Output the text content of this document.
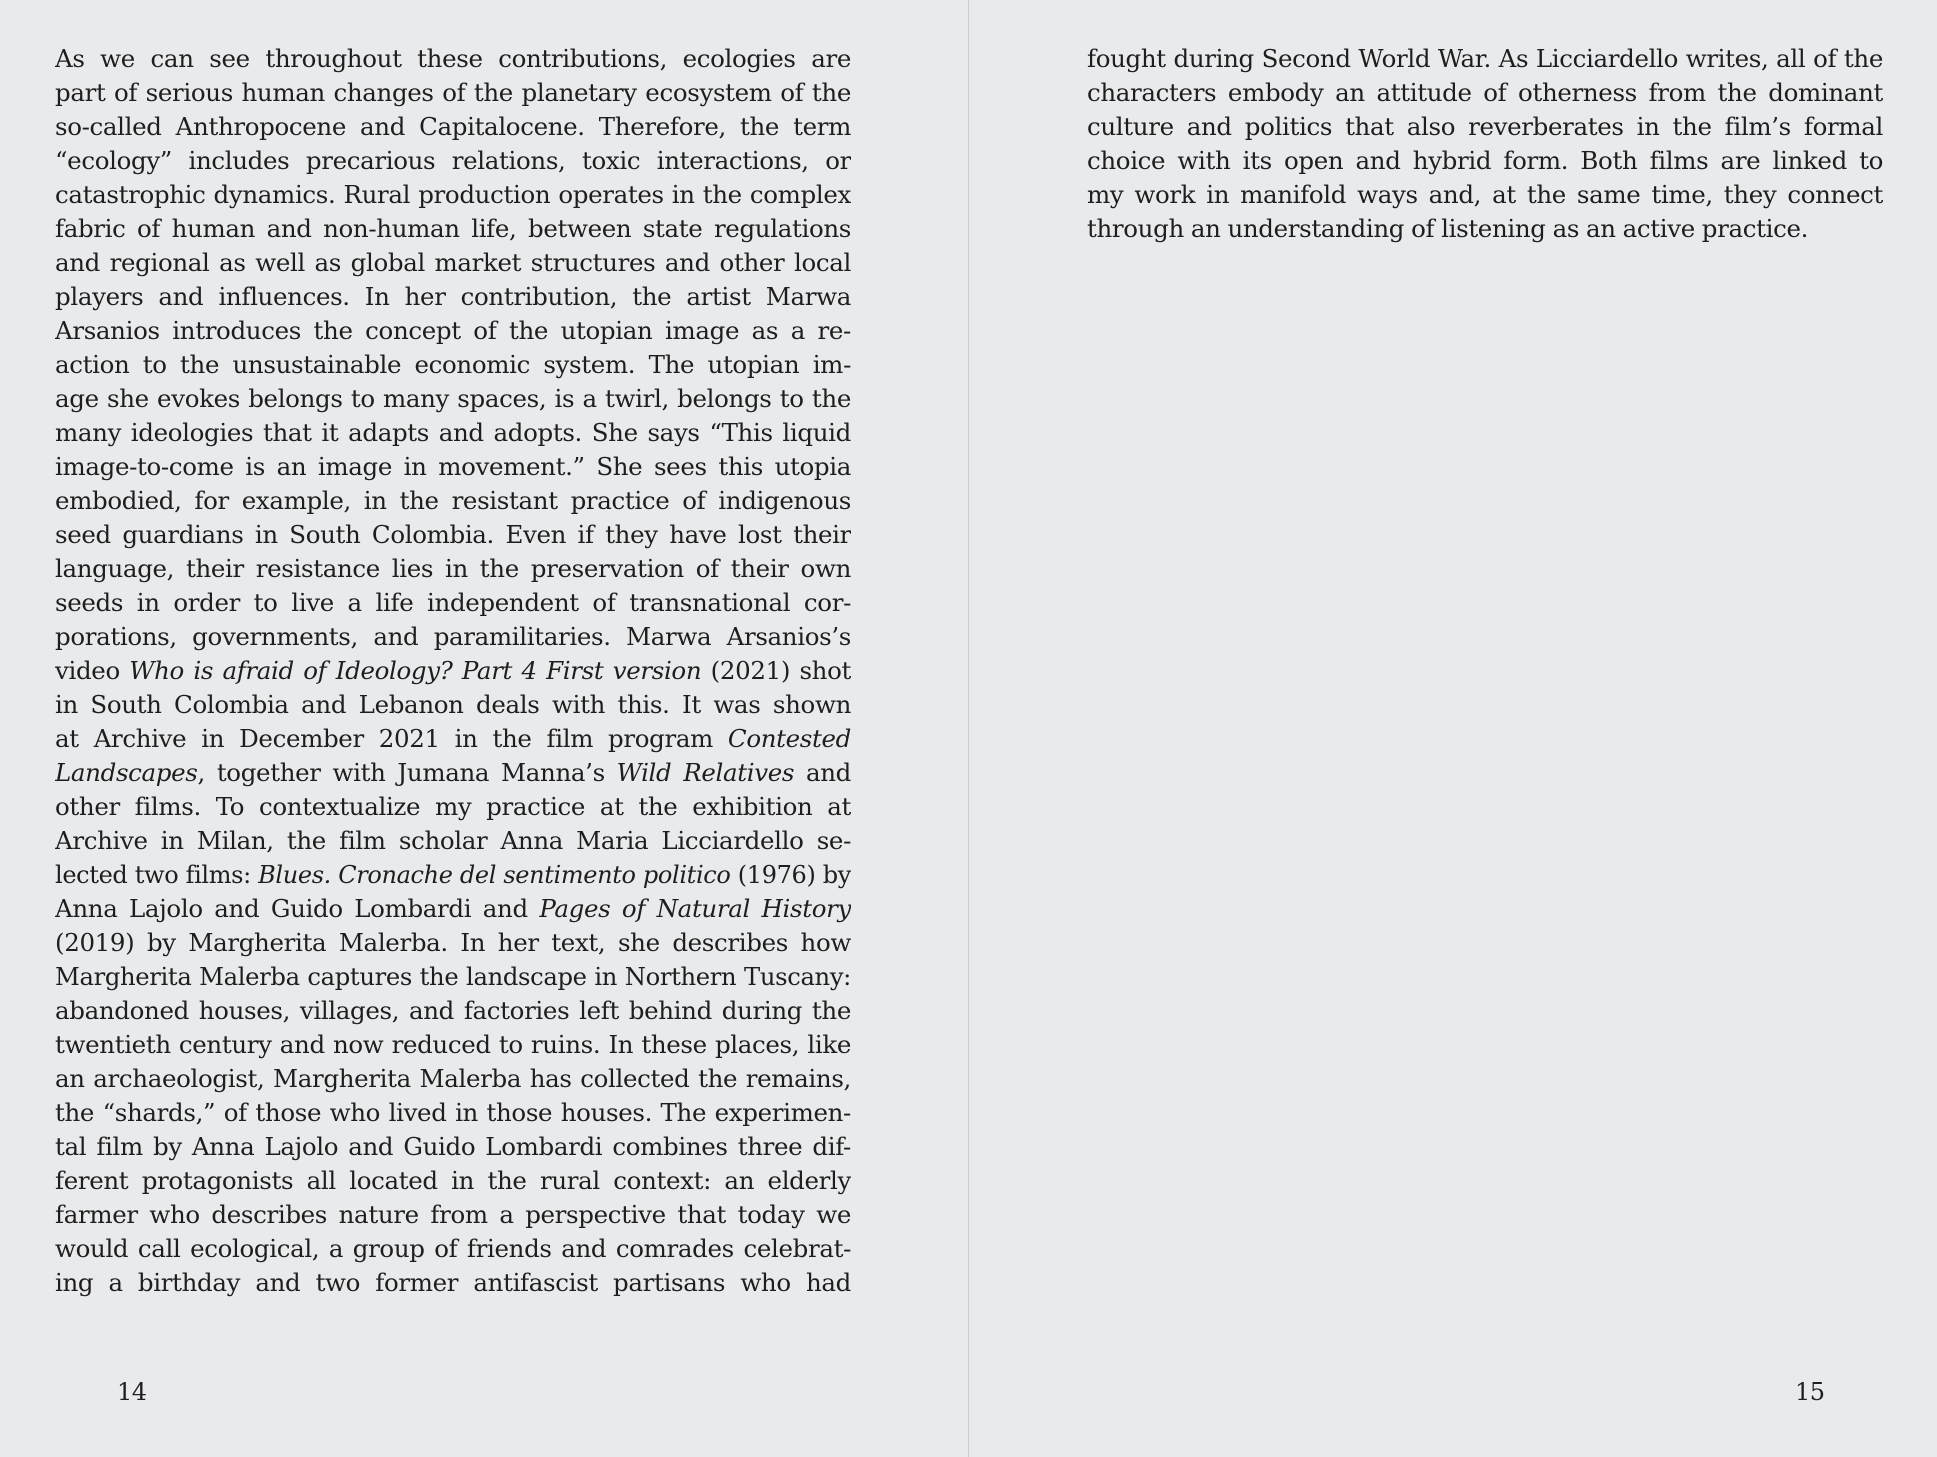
As we can see throughout these contributions, ecologies are
part of serious human changes of the planetary ecosystem of the
so-called Anthropocene and Capitalocene. Therefore, the term
“ecology” includes precarious relations, toxic interactions, or
catastrophic dynamics. Rural production operates in the complex
fabric of human and non-human life, between state regulations
and regional as well as global market structures and other local
players and influences. In her contribution, the artist Marwa
Arsanios introduces the concept of the utopian image as a re-
action to the unsustainable economic system. The utopian im-
age she evokes belongs to many spaces, is a twirl, belongs to the
many ideologies that it adapts and adopts. She says “This liquid
image-to-come is an image in movement.” She sees this utopia
embodied, for example, in the resistant practice of indigenous
seed guardians in South Colombia. Even if they have lost their
language, their resistance lies in the preservation of their own
seeds in order to live a life independent of transnational cor-
porations, governments, and paramilitaries. Marwa Arsanios’s
video Who is afraid of Ideology? Part 4 First version (2021) shot
in South Colombia and Lebanon deals with this. It was shown
at Archive in December 2021 in the film program Contested
Landscapes, together with Jumana Manna’s Wild Relatives and
other films. To contextualize my practice at the exhibition at
Archive in Milan, the film scholar Anna Maria Licciardello se-
lected two films: Blues. Cronache del sentimento politico (1976) by
Anna Lajolo and Guido Lombardi and Pages of Natural History
(2019) by Margherita Malerba. In her text, she describes how
Margherita Malerba captures the landscape in Northern Tuscany:
abandoned houses, villages, and factories left behind during the
twentieth century and now reduced to ruins. In these places, like
an archaeologist, Margherita Malerba has collected the remains,
the “shards,” of those who lived in those houses. The experimen-
tal film by Anna Lajolo and Guido Lombardi combines three dif-
ferent protagonists all located in the rural context: an elderly
farmer who describes nature from a perspective that today we
would call ecological, a group of friends and comrades celebrat-
ing a birthday and two former antifascist partisans who had
14
fought during Second World War. As Licciardello writes, all of the
characters embody an attitude of otherness from the dominant
culture and politics that also reverberates in the film’s formal
choice with its open and hybrid form. Both films are linked to
my work in manifold ways and, at the same time, they connect
through an understanding of listening as an active practice.
15
